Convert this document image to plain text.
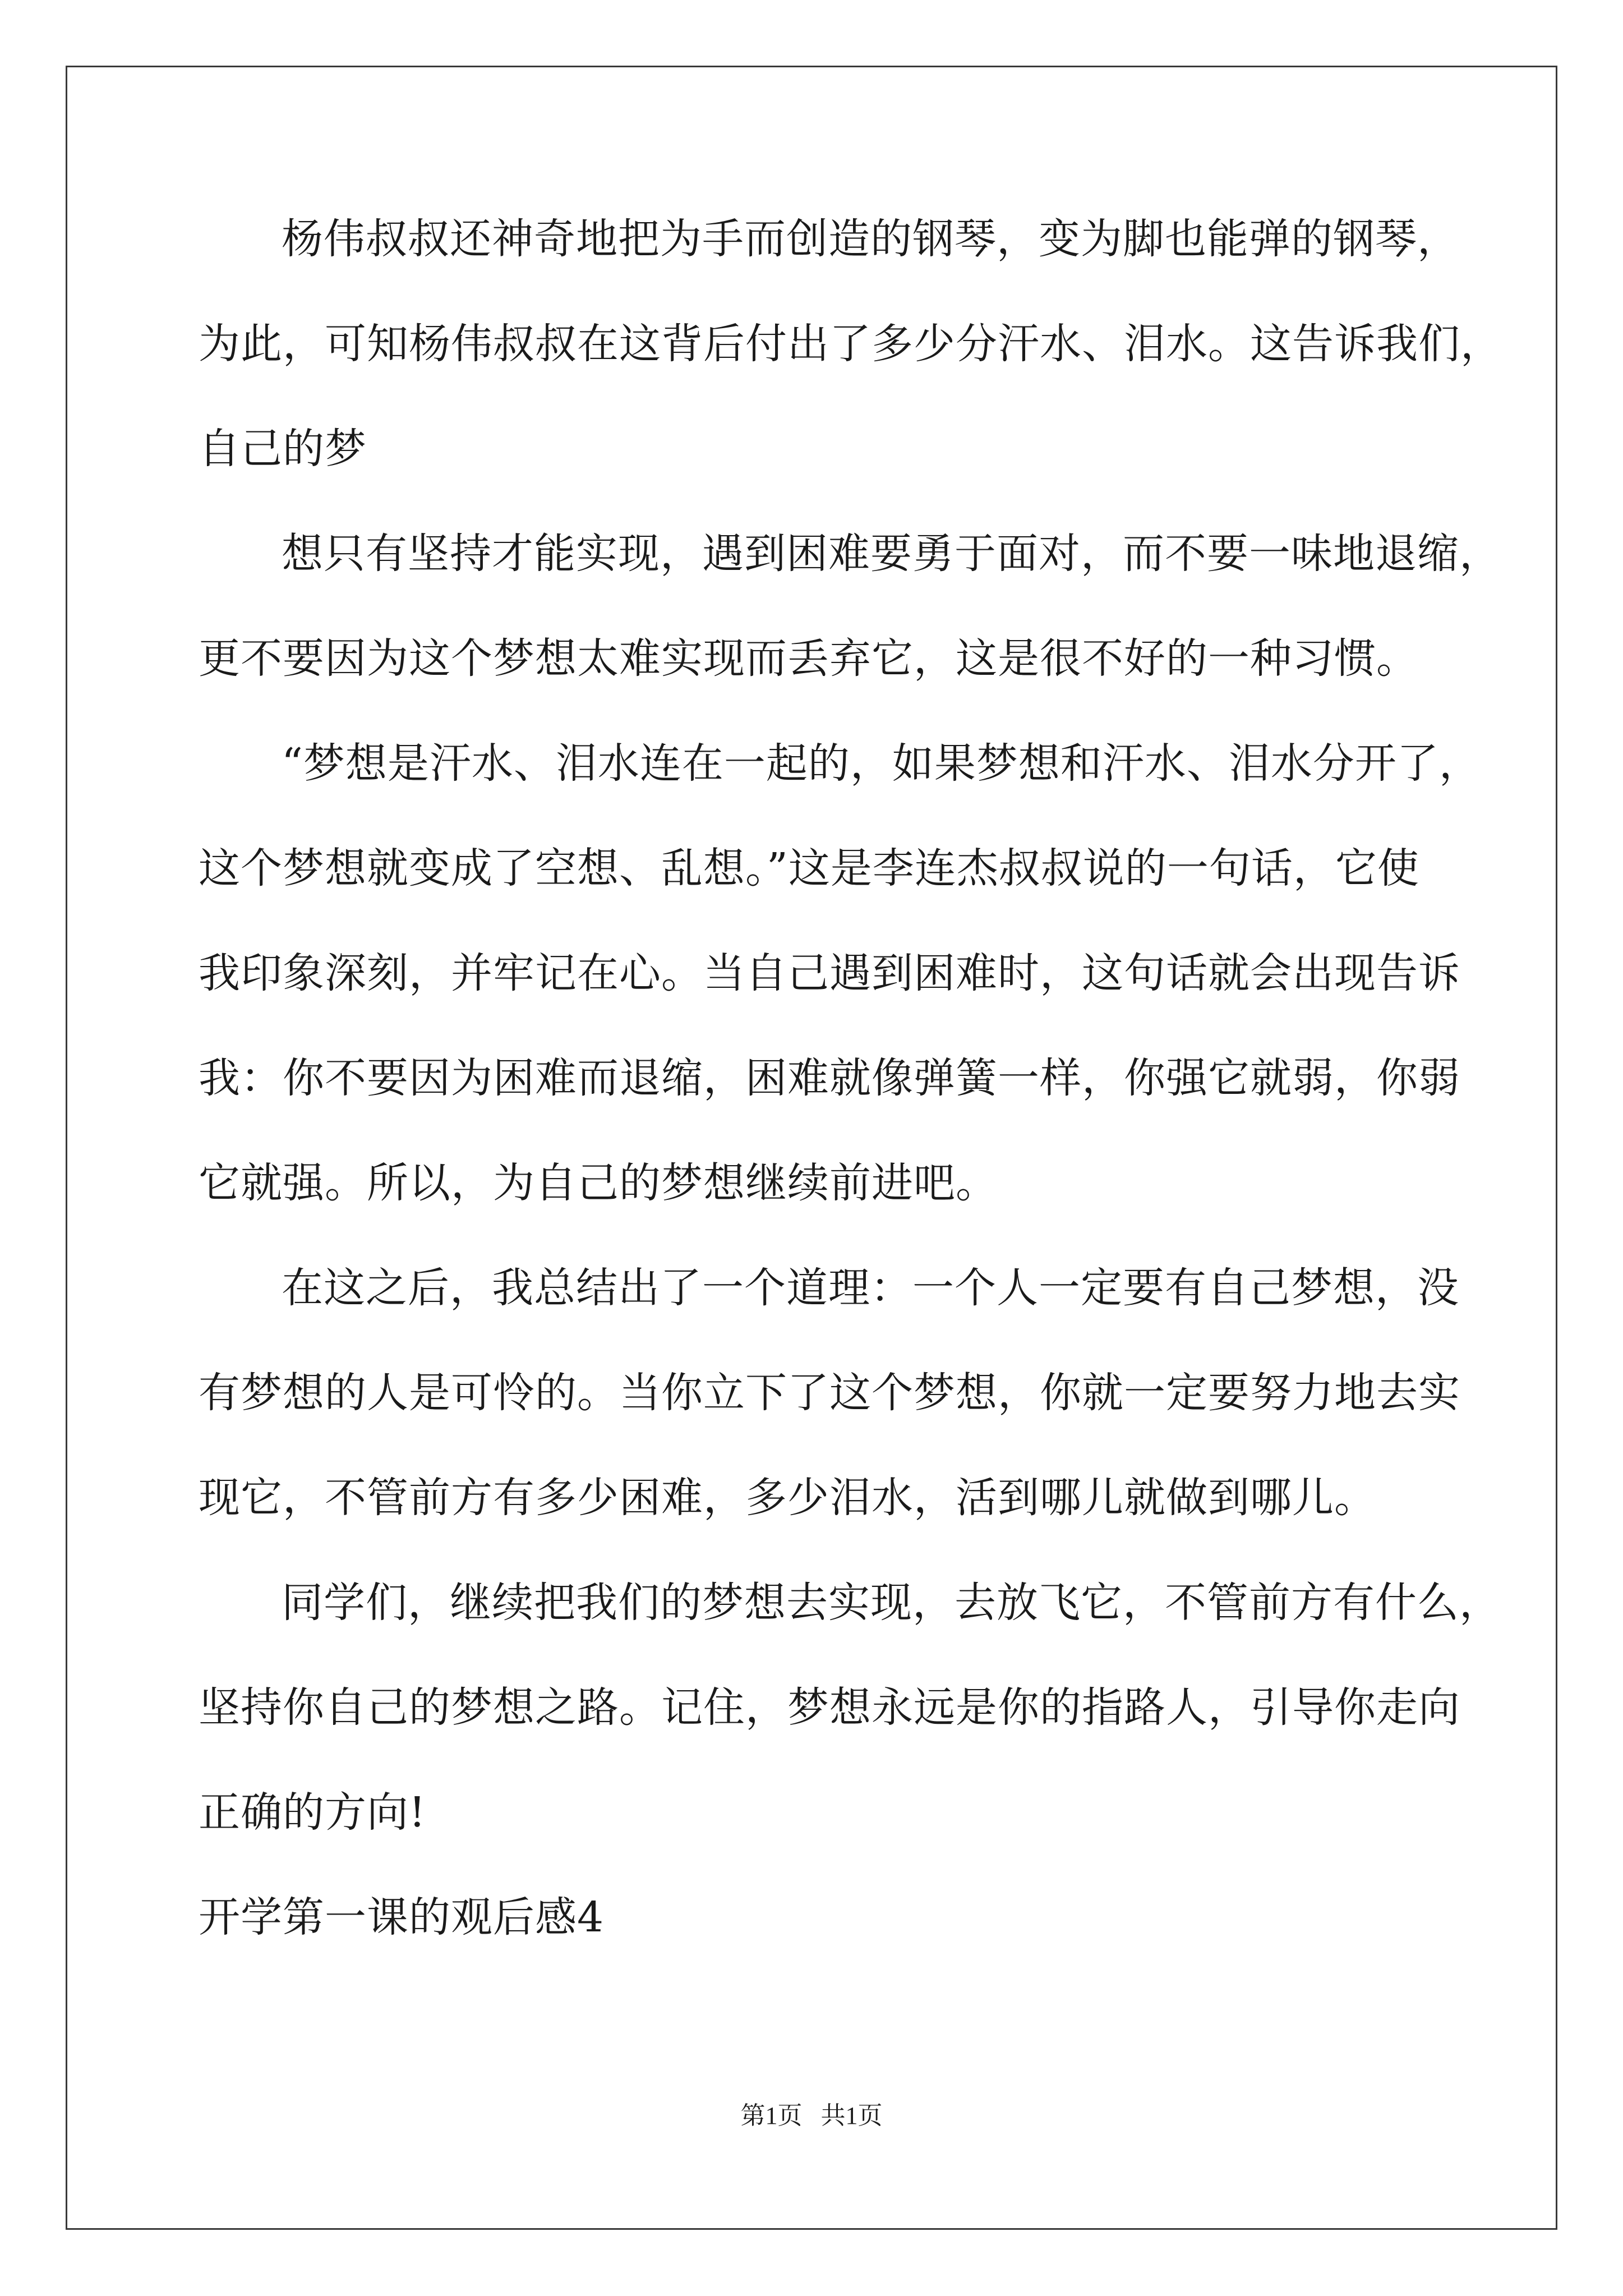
杨伟叔叔还神奇地把为手而创造的钢琴，变为脚也能弹的钢琴，
为此，可知杨伟叔叔在这背后付出了多少分汗水、泪水。这告诉我们，
自己的梦
想只有坚持才能实现，遇到困难要勇于面对，而不要一味地退缩，
更不要因为这个梦想太难实现而丢弃它，这是很不好的一种习惯。
“梦想是汗水、泪水连在一起的，如果梦想和汗水、泪水分开了，
这个梦想就变成了空想、乱想。”这是李连杰叔叔说的一句话，它使
我印象深刻，并牢记在心。当自己遇到困难时，这句话就会出现告诉
我：你不要因为困难而退缩，困难就像弹簧一样，你强它就弱，你弱
它就强。所以，为自己的梦想继续前进吧。
在这之后，我总结出了一个道理：一个人一定要有自己梦想，没
有梦想的人是可怜的。当你立下了这个梦想，你就一定要努力地去实
现它，不管前方有多少困难，多少泪水，活到哪儿就做到哪儿。
同学们，继续把我们的梦想去实现，去放飞它，不管前方有什么，
坚持你自己的梦想之路。记住，梦想永远是你的指路人，引导你走向
正确的方向!
开学第一课的观后感4
第1页   共1页
